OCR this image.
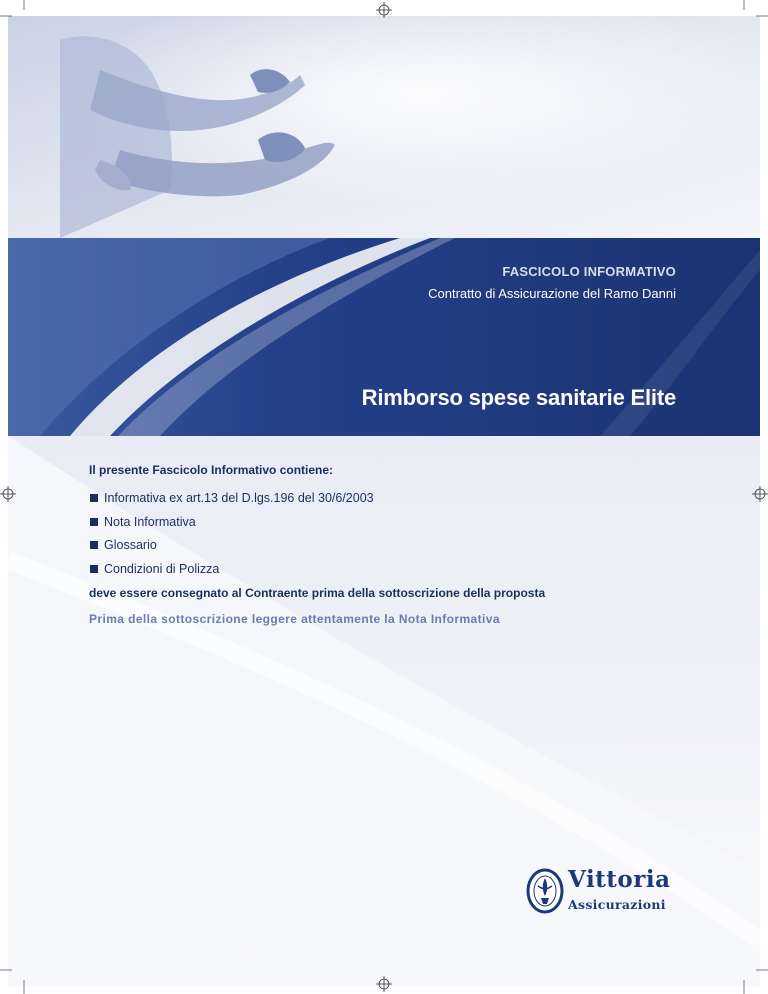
FASCICOLO INFORMATIVO
Contratto di Assicurazione del Ramo Danni
Rimborso spese sanitarie Elite
Il presente Fascicolo Informativo contiene:
Informativa ex art.13 del D.lgs.196 del 30/6/2003
Nota Informativa
Glossario
Condizioni di Polizza
deve essere consegnato al Contraente prima della sottoscrizione della proposta
Prima della sottoscrizione leggere attentamente la Nota Informativa
Vittoria
Assicurazioni
